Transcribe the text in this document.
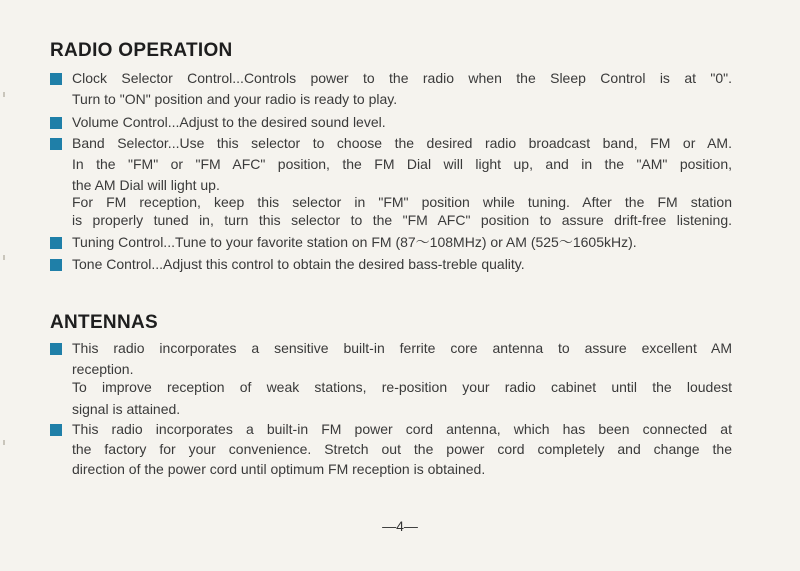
RADIO OPERATION
Clock Selector Control...Controls power to the radio when the Sleep Control is at "0".
Turn to "ON" position and your radio is ready to play.
Volume Control...Adjust to the desired sound level.
Band Selector...Use this selector to choose the desired radio broadcast band, FM or AM.
In the "FM" or "FM AFC" position, the FM Dial will light up, and in the "AM" position,
the AM Dial will light up.
For FM reception, keep this selector in "FM" position while tuning. After the FM station
is properly tuned in, turn this selector to the "FM AFC" position to assure drift-free listening.
Tuning Control...Tune to your favorite station on FM (87～108MHz) or AM (525～1605kHz).
Tone Control...Adjust this control to obtain the desired bass-treble quality.
ANTENNAS
This radio incorporates a sensitive built-in ferrite core antenna to assure excellent AM
reception.
To improve reception of weak stations, re-position your radio cabinet until the loudest
signal is attained.
This radio incorporates a built-in FM power cord antenna, which has been connected at
the factory for your convenience. Stretch out the power cord completely and change the
direction of the power cord until optimum FM reception is obtained.
—4—
